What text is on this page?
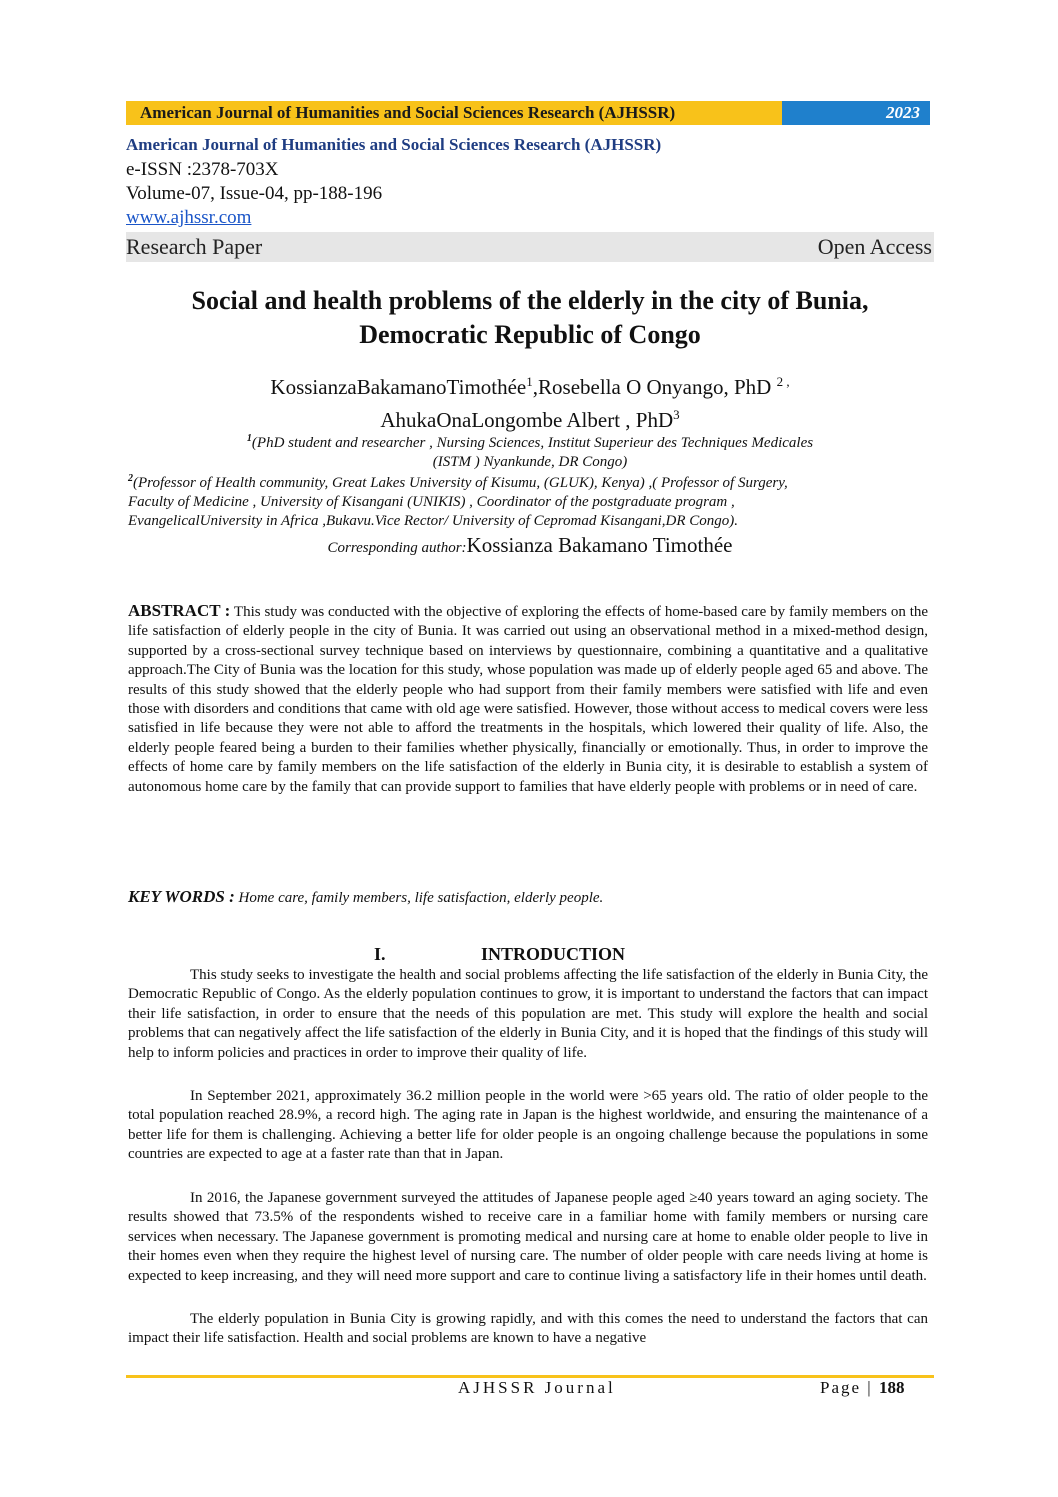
American Journal of Humanities and Social Sciences Research (AJHSSR)	2023
American Journal of Humanities and Social Sciences Research (AJHSSR)
e-ISSN :2378-703X
Volume-07, Issue-04, pp-188-196
www.ajhssr.com
Research Paper	Open Access
Social and health problems of the elderly in the city of Bunia,
Democratic Republic of Congo
KossianzaBakamanoTimothée$^1$,Rosebella O Onyango, PhD $^{2 ,}$
AhukaOnaLongombe Albert , PhD$^3$
$^1$(PhD student and researcher , Nursing Sciences, Institut Superieur des Techniques Medicales
(ISTM ) Nyankunde, DR Congo)
$^2$(Professor of Health community, Great Lakes University of Kisumu, (GLUK), Kenya) ,( Professor of Surgery,
Faculty of Medicine , University of Kisangani (UNIKIS) , Coordinator of the postgraduate program ,
EvangelicalUniversity in Africa ,Bukavu.Vice Rector/ University of Cepromad Kisangani,DR Congo).
Corresponding author:Kossianza Bakamano Timothée
ABSTRACT : This study was conducted with the objective of exploring the effects of home-based care by family members on the life satisfaction of elderly people in the city of Bunia. It was carried out using an observational method in a mixed-method design, supported by a cross-sectional survey technique based on interviews by questionnaire, combining a quantitative and a qualitative approach.The City of Bunia was the location for this study, whose population was made up of elderly people aged 65 and above. The results of this study showed that the elderly people who had support from their family members were satisfied with life and even those with disorders and conditions that came with old age were satisfied. However, those without access to medical covers were less satisfied in life because they were not able to afford the treatments in the hospitals, which lowered their quality of life. Also, the elderly people feared being a burden to their families whether physically, financially or emotionally. Thus, in order to improve the effects of home care by family members on the life satisfaction of the elderly in Bunia city, it is desirable to establish a system of autonomous home care by the family that can provide support to families that have elderly people with problems or in need of care.
KEY WORDS : Home care, family members, life satisfaction, elderly people.
I.	INTRODUCTION
This study seeks to investigate the health and social problems affecting the life satisfaction of the elderly in Bunia City, the Democratic Republic of Congo. As the elderly population continues to grow, it is important to understand the factors that can impact their life satisfaction, in order to ensure that the needs of this population are met. This study will explore the health and social problems that can negatively affect the life satisfaction of the elderly in Bunia City, and it is hoped that the findings of this study will help to inform policies and practices in order to improve their quality of life.
In September 2021, approximately 36.2 million people in the world were >65 years old. The ratio of older people to the total population reached 28.9%, a record high. The aging rate in Japan is the highest worldwide, and ensuring the maintenance of a better life for them is challenging. Achieving a better life for older people is an ongoing challenge because the populations in some countries are expected to age at a faster rate than that in Japan.
In 2016, the Japanese government surveyed the attitudes of Japanese people aged ≥40 years toward an aging society. The results showed that 73.5% of the respondents wished to receive care in a familiar home with family members or nursing care services when necessary. The Japanese government is promoting medical and nursing care at home to enable older people to live in their homes even when they require the highest level of nursing care. The number of older people with care needs living at home is expected to keep increasing, and they will need more support and care to continue living a satisfactory life in their homes until death.
The elderly population in Bunia City is growing rapidly, and with this comes the need to understand the factors that can impact their life satisfaction. Health and social problems are known to have a negative
AJHSSR Journal	Page | 188
